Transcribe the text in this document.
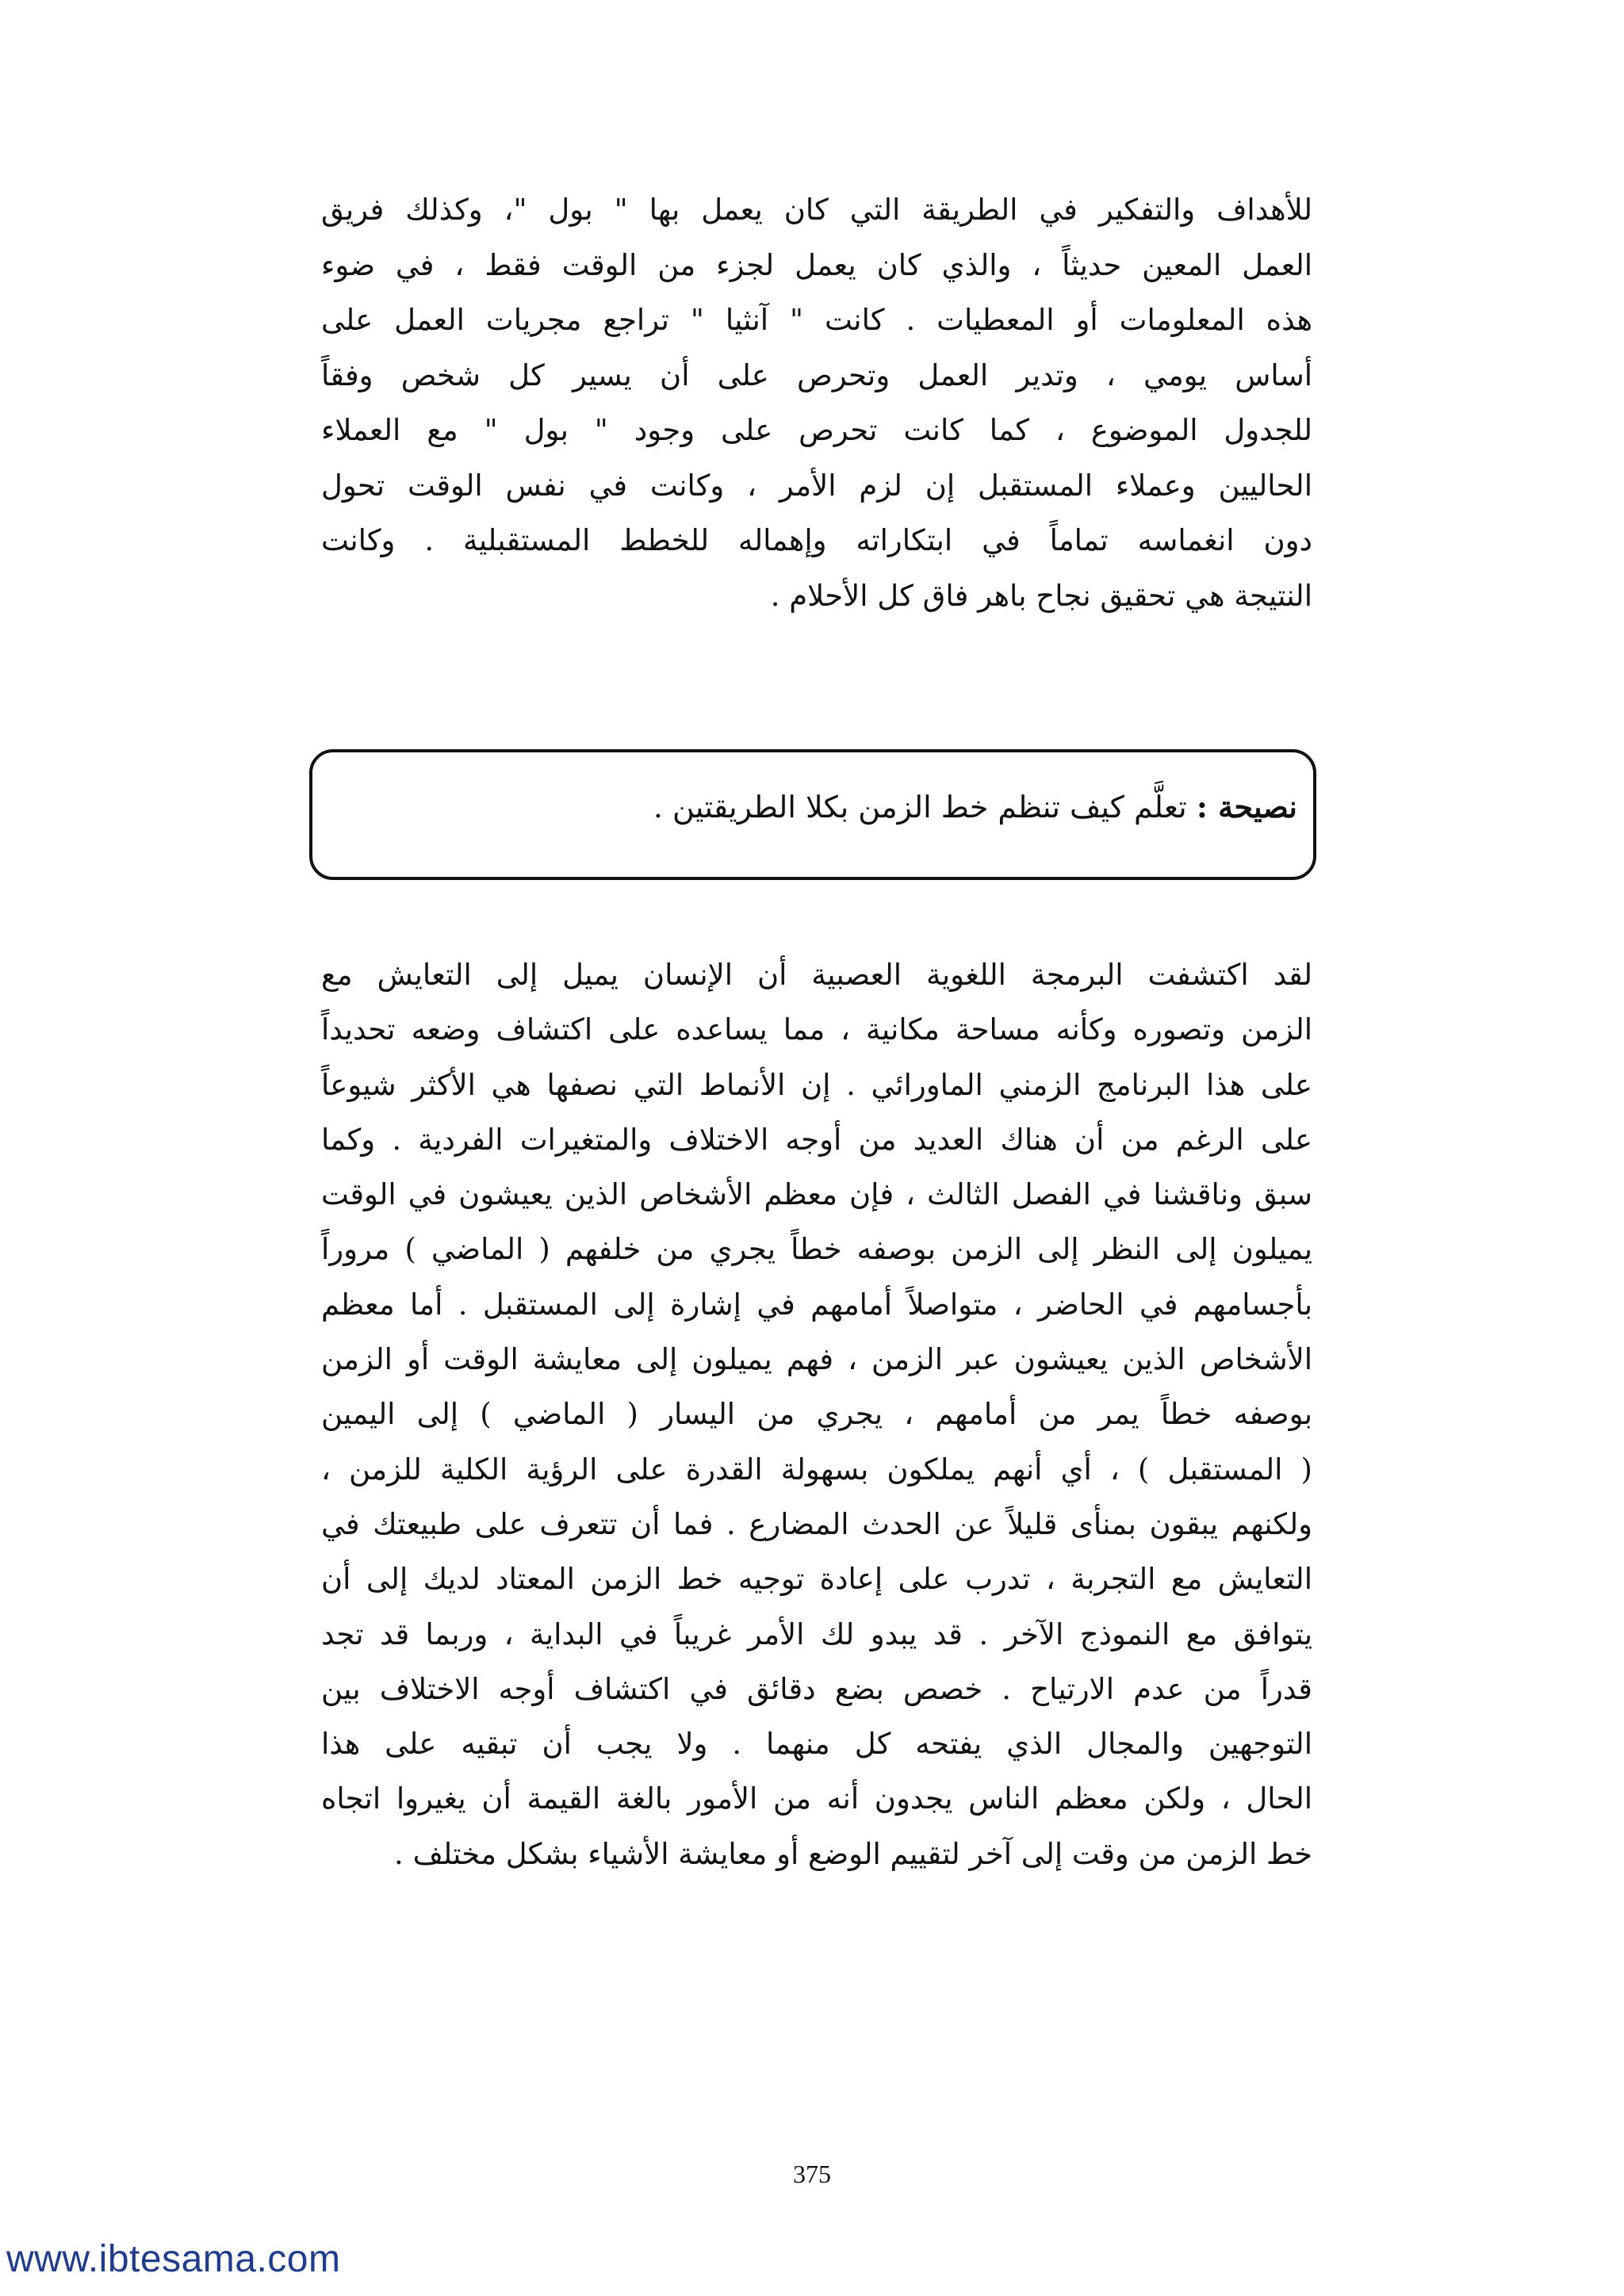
للأهداف والتفكير في الطريقة التي كان يعمل بها " بول "، وكذلك فريق
العمل المعين حديثاً ، والذي كان يعمل لجزء من الوقت فقط ، في ضوء
هذه المعلومات أو المعطيات . كانت " آنثيا " تراجع مجريات العمل على
أساس يومي ، وتدير العمل وتحرص على أن يسير كل شخص وفقاً
للجدول الموضوع ، كما كانت تحرص على وجود " بول " مع العملاء
الحاليين وعملاء المستقبل إن لزم الأمر ، وكانت في نفس الوقت تحول
دون انغماسه تماماً في ابتكاراته وإهماله للخطط المستقبلية . وكانت
النتيجة هي تحقيق نجاح باهر فاق كل الأحلام .
نصيحة : تعلَّم كيف تنظم خط الزمن بكلا الطريقتين .
لقد اكتشفت البرمجة اللغوية العصبية أن الإنسان يميل إلى التعايش مع
الزمن وتصوره وكأنه مساحة مكانية ، مما يساعده على اكتشاف وضعه تحديداً
على هذا البرنامج الزمني الماورائي . إن الأنماط التي نصفها هي الأكثر شيوعاً
على الرغم من أن هناك العديد من أوجه الاختلاف والمتغيرات الفردية . وكما
سبق وناقشنا في الفصل الثالث ، فإن معظم الأشخاص الذين يعيشون في الوقت
يميلون إلى النظر إلى الزمن بوصفه خطاً يجري من خلفهم ( الماضي ) مروراً
بأجسامهم في الحاضر ، متواصلاً أمامهم في إشارة إلى المستقبل . أما معظم
الأشخاص الذين يعيشون عبر الزمن ، فهم يميلون إلى معايشة الوقت أو الزمن
بوصفه خطاً يمر من أمامهم ، يجري من اليسار ( الماضي ) إلى اليمين
( المستقبل ) ، أي أنهم يملكون بسهولة القدرة على الرؤية الكلية للزمن ،
ولكنهم يبقون بمنأى قليلاً عن الحدث المضارع . فما أن تتعرف على طبيعتك في
التعايش مع التجربة ، تدرب على إعادة توجيه خط الزمن المعتاد لديك إلى أن
يتوافق مع النموذج الآخر . قد يبدو لك الأمر غريباً في البداية ، وربما قد تجد
قدراً من عدم الارتياح . خصص بضع دقائق في اكتشاف أوجه الاختلاف بين
التوجهين والمجال الذي يفتحه كل منهما . ولا يجب أن تبقيه على هذا
الحال ، ولكن معظم الناس يجدون أنه من الأمور بالغة القيمة أن يغيروا اتجاه
خط الزمن من وقت إلى آخر لتقييم الوضع أو معايشة الأشياء بشكل مختلف .
375
www.ibtesama.com
